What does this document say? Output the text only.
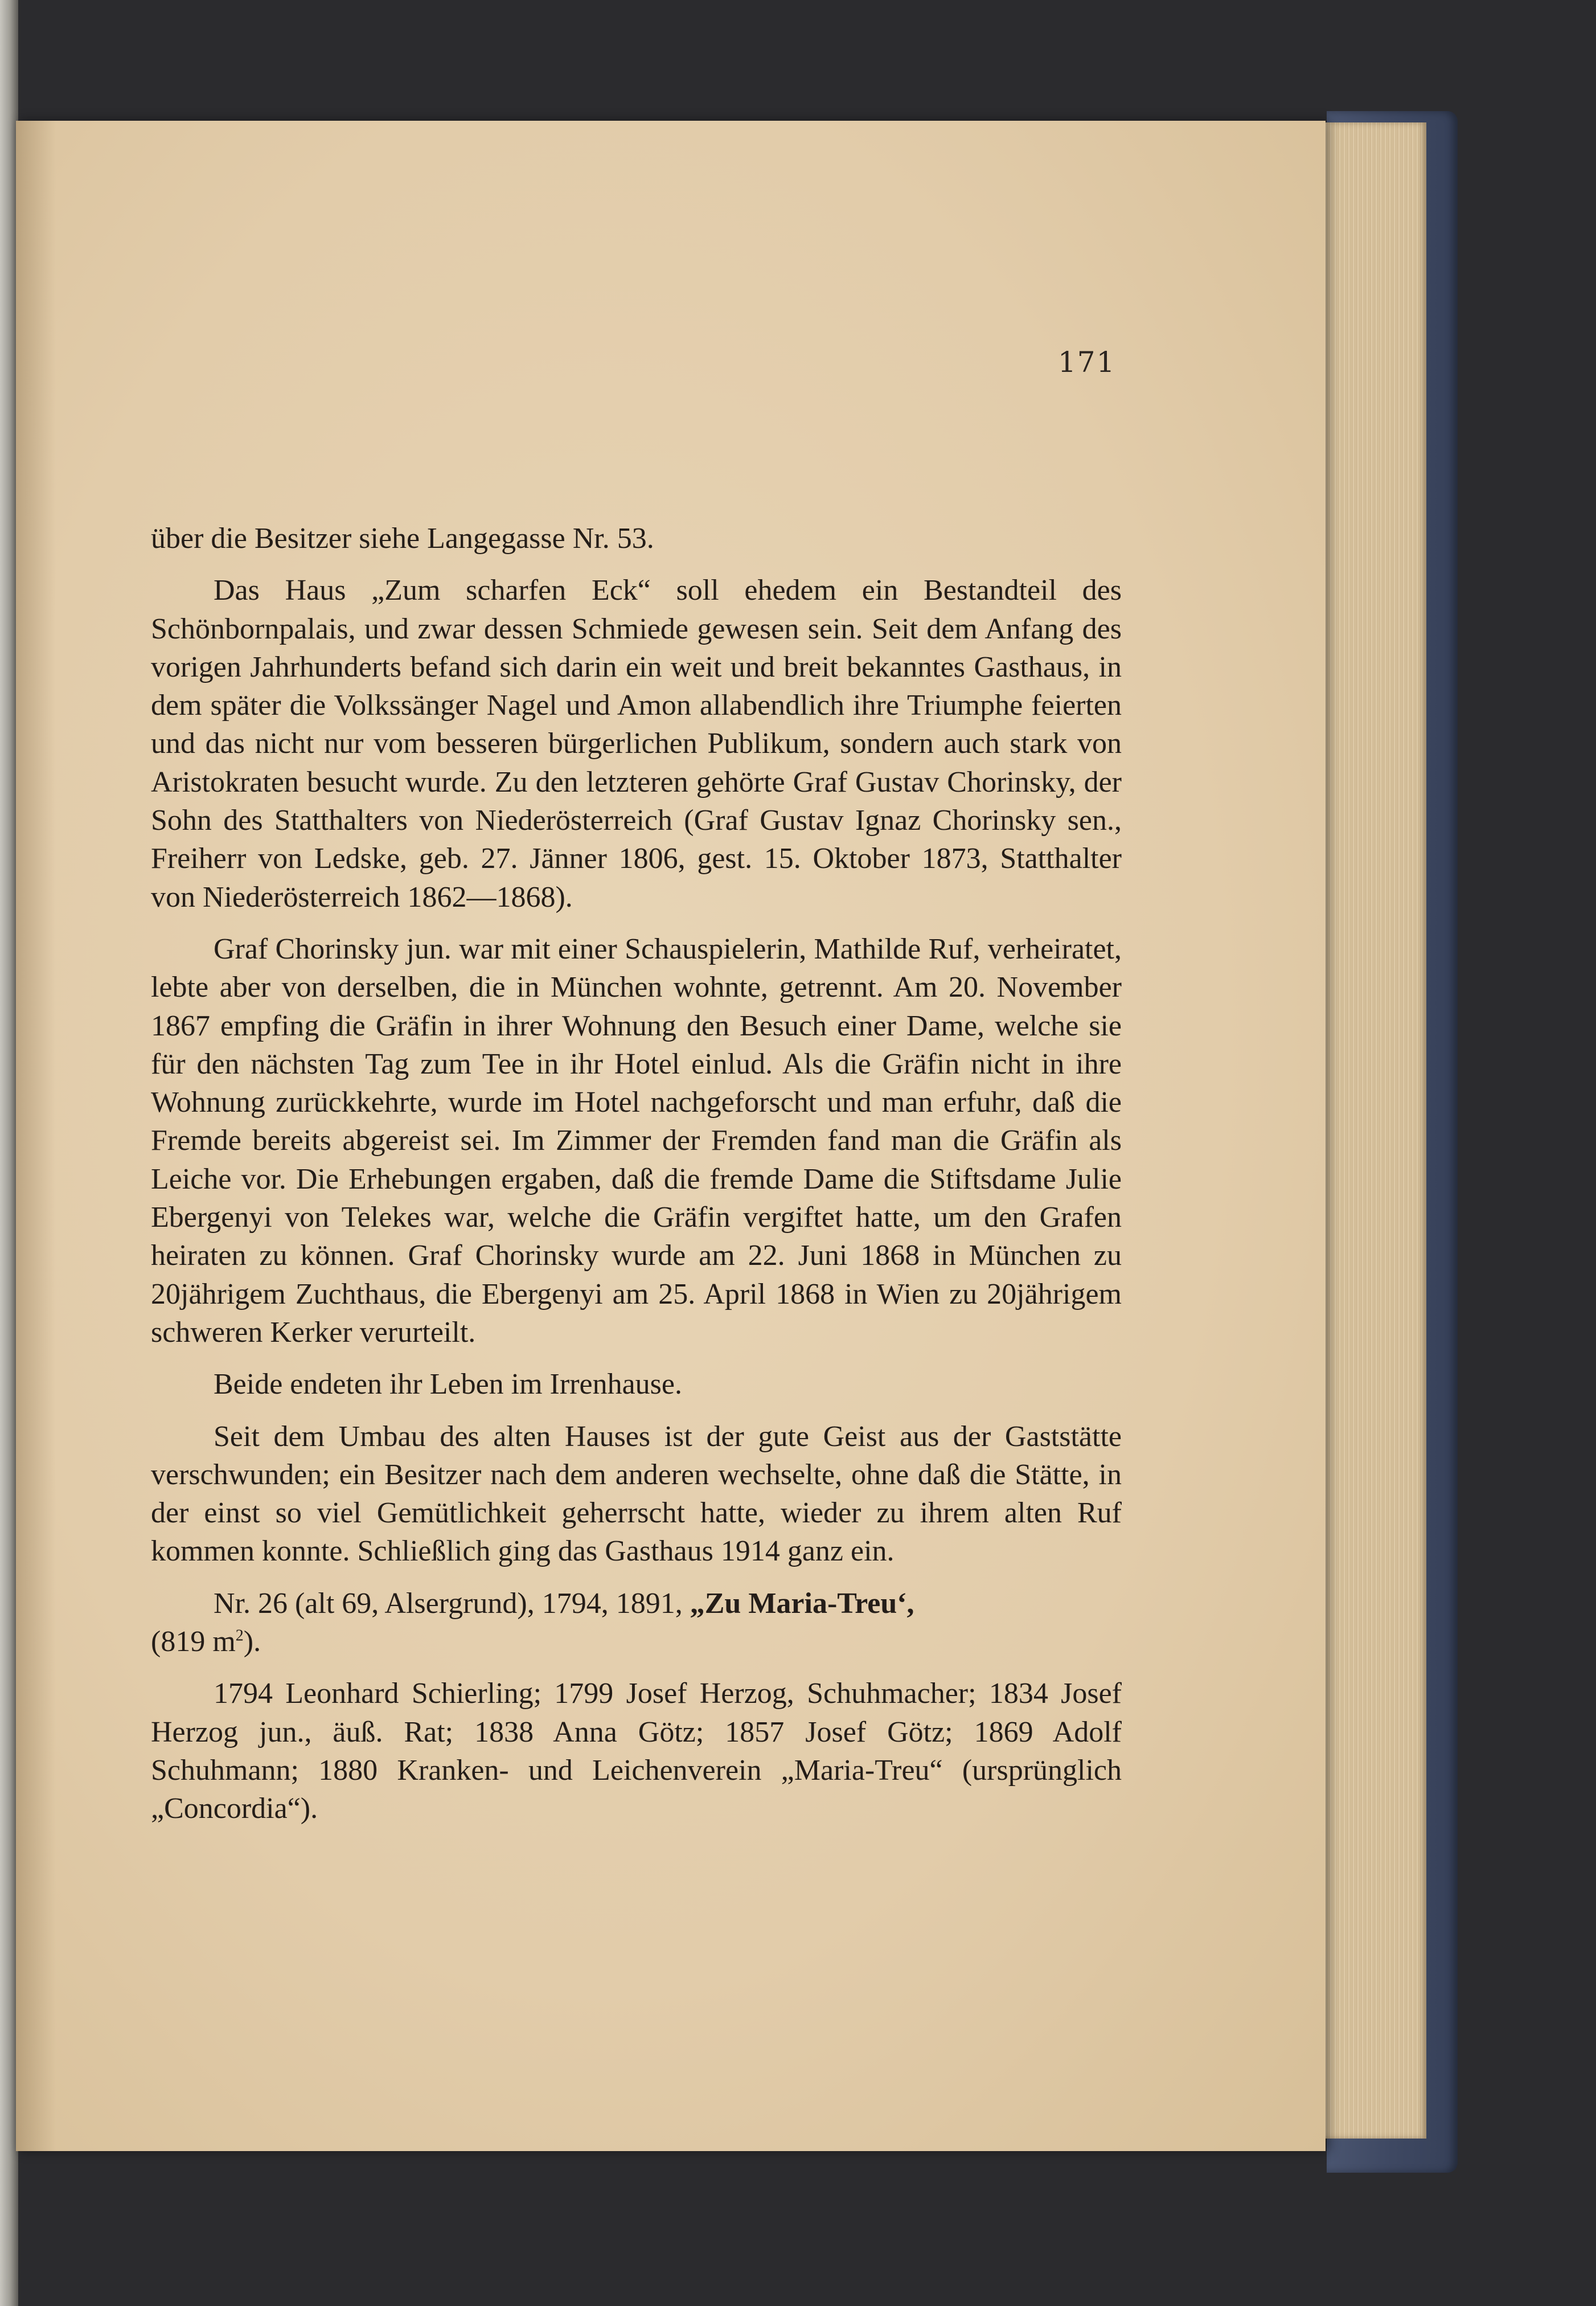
171

über die Besitzer siehe Langegasse Nr. 53.

Das Haus „Zum scharfen Eck“ soll ehedem ein Bestandteil des Schönbornpalais, und zwar dessen Schmiede gewesen sein. Seit dem Anfang des vorigen Jahrhunderts befand sich darin ein weit und breit bekanntes Gasthaus, in dem später die Volkssänger Nagel und Amon allabendlich ihre Triumphe feierten und das nicht nur vom besseren bürgerlichen Publikum, sondern auch stark von Aristokraten besucht wurde. Zu den letzteren gehörte Graf Gustav Chorinsky, der Sohn des Statthalters von Niederösterreich (Graf Gustav Ignaz Chorinsky sen., Freiherr von Ledske, geb. 27. Jänner 1806, gest. 15. Oktober 1873, Statthalter von Niederösterreich 1862—1868).

Graf Chorinsky jun. war mit einer Schauspielerin, Mathilde Ruf, verheiratet, lebte aber von derselben, die in München wohnte, getrennt. Am 20. November 1867 empfing die Gräfin in ihrer Wohnung den Besuch einer Dame, welche sie für den nächsten Tag zum Tee in ihr Hotel einlud. Als die Gräfin nicht in ihre Wohnung zurückkehrte, wurde im Hotel nachgeforscht und man erfuhr, daß die Fremde bereits abgereist sei. Im Zimmer der Fremden fand man die Gräfin als Leiche vor. Die Erhebungen ergaben, daß die fremde Dame die Stiftsdame Julie Ebergenyi von Telekes war, welche die Gräfin vergiftet hatte, um den Grafen heiraten zu können. Graf Chorinsky wurde am 22. Juni 1868 in München zu 20jährigem Zuchthaus, die Ebergenyi am 25. April 1868 in Wien zu 20jährigem schweren Kerker verurteilt.

Beide endeten ihr Leben im Irrenhause.

Seit dem Umbau des alten Hauses ist der gute Geist aus der Gaststätte verschwunden; ein Besitzer nach dem anderen wechselte, ohne daß die Stätte, in der einst so viel Gemütlichkeit geherrscht hatte, wieder zu ihrem alten Ruf kommen konnte. Schließlich ging das Gasthaus 1914 ganz ein.

Nr. 26 (alt 69, Alsergrund), 1794, 1891, „Zu Maria-Treu‘,
(819 $m^2$).

1794 Leonhard Schierling; 1799 Josef Herzog, Schuhmacher; 1834 Josef Herzog jun., äuß. Rat; 1838 Anna Götz; 1857 Josef Götz; 1869 Adolf Schuhmann; 1880 Kranken- und Leichenverein „Maria-Treu“ (ursprünglich „Concordia“).
